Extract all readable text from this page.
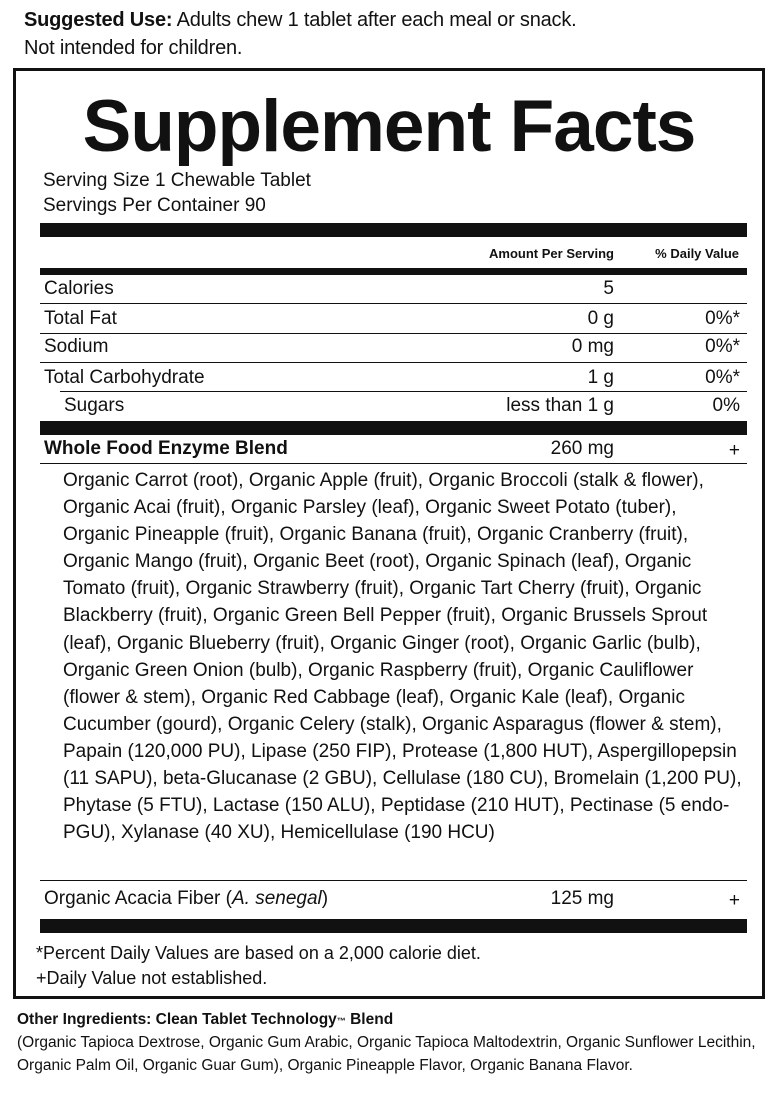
Suggested Use: Adults chew 1 tablet after each meal or snack.
Not intended for children.
Supplement Facts
Serving Size 1 Chewable Tablet
Servings Per Container 90
Amount Per Serving	% Daily Value
Calories	5
Total Fat	0 g	0%*
Sodium	0 mg	0%*
Total Carbohydrate	1 g	0%*
Sugars	less than 1 g	0%
Whole Food Enzyme Blend	260 mg	+
Organic Carrot (root), Organic Apple (fruit), Organic Broccoli (stalk & flower), Organic Acai (fruit), Organic Parsley (leaf), Organic Sweet Potato (tuber), Organic Pineapple (fruit), Organic Banana (fruit), Organic Cranberry (fruit), Organic Mango (fruit), Organic Beet (root), Organic Spinach (leaf), Organic Tomato (fruit), Organic Strawberry (fruit), Organic Tart Cherry (fruit), Organic Blackberry (fruit), Organic Green Bell Pepper (fruit), Organic Brussels Sprout (leaf), Organic Blueberry (fruit), Organic Ginger (root), Organic Garlic (bulb), Organic Green Onion (bulb), Organic Raspberry (fruit), Organic Cauliflower (flower & stem), Organic Red Cabbage (leaf), Organic Kale (leaf), Organic Cucumber (gourd), Organic Celery (stalk), Organic Asparagus (flower & stem), Papain (120,000 PU), Lipase (250 FIP), Protease (1,800 HUT), Aspergillopepsin (11 SAPU), beta-Glucanase (2 GBU), Cellulase (180 CU), Bromelain (1,200 PU), Phytase (5 FTU), Lactase (150 ALU), Peptidase (210 HUT), Pectinase (5 endo-PGU), Xylanase (40 XU), Hemicellulase (190 HCU)
Organic Acacia Fiber (A. senegal)	125 mg	+
*Percent Daily Values are based on a 2,000 calorie diet.
+Daily Value not established.
Other Ingredients: Clean Tablet Technology™ Blend
(Organic Tapioca Dextrose, Organic Gum Arabic, Organic Tapioca Maltodextrin, Organic Sunflower Lecithin, Organic Palm Oil, Organic Guar Gum), Organic Pineapple Flavor, Organic Banana Flavor.
